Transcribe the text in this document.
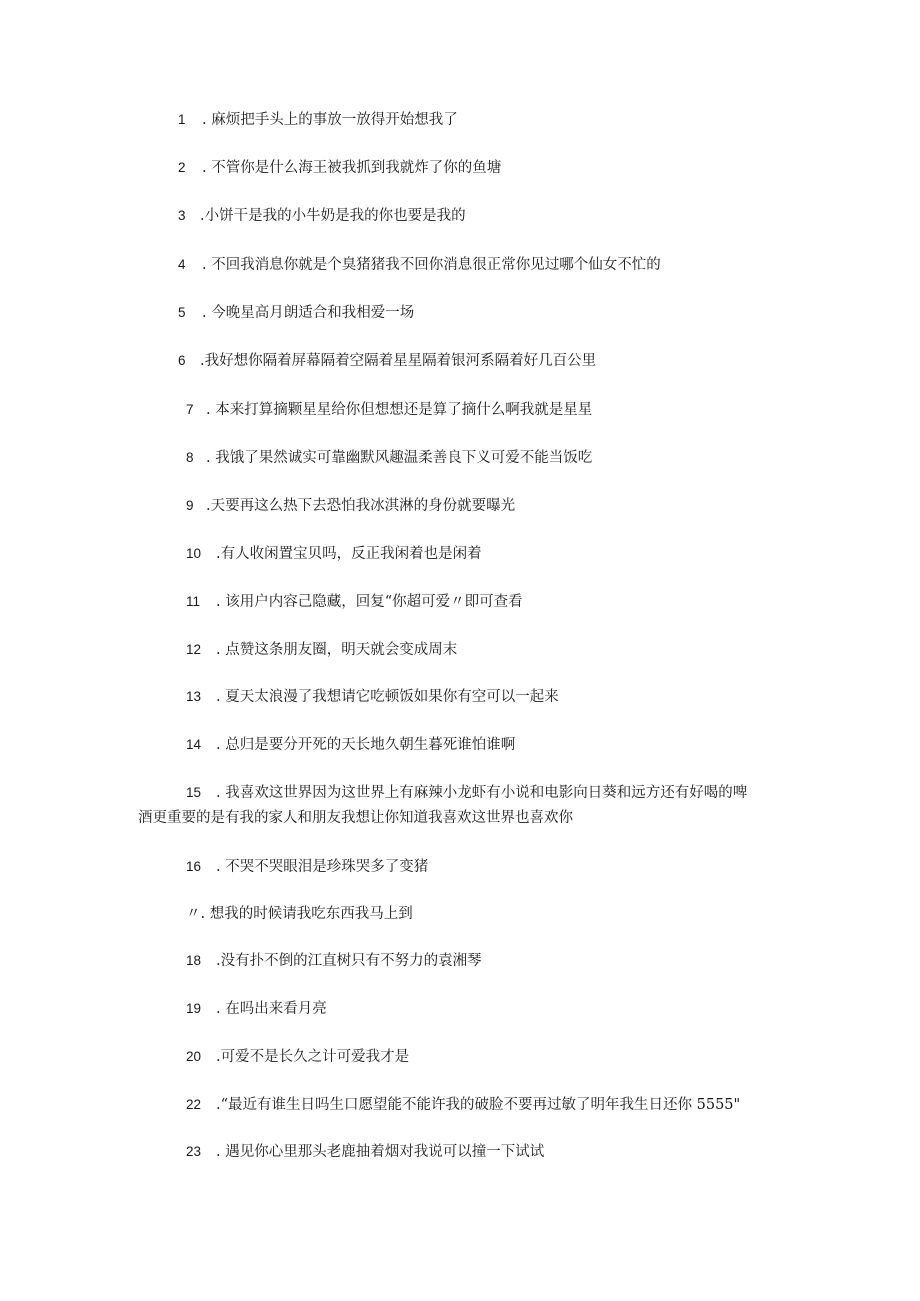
1 . 麻烦把手头上的事放一放得开始想我了
2 . 不管你是什么海王被我抓到我就炸了你的鱼塘
3 .小饼干是我的小牛奶是我的你也要是我的
4 . 不回我消息你就是个臭猪猪我不回你消息很正常你见过哪个仙女不忙的
5 . 今晚星高月朗适合和我相爱一场
6 .我好想你隔着屏幕隔着空隔着星星隔着银河系隔着好几百公里
7 . 本来打算摘颗星星给你但想想还是算了摘什么啊我就是星星
8 . 我饿了果然诚实可靠幽默风趣温柔善良下义可爱不能当饭吃
9 .天要再这么热下去恐怕我冰淇淋的身份就要曝光
10 .有人收闲置宝贝吗，反正我闲着也是闲着
11 . 该用户内容己隐藏，回复“你超可爱〃即可查看
12 . 点赞这条朋友圈，明天就会变成周末
13 . 夏天太浪漫了我想请它吃顿饭如果你有空可以一起来
14 . 总归是要分开死的天长地久朝生暮死谁怕谁啊
15 . 我喜欢这世界因为这世界上有麻辣小龙虾有小说和电影向日葵和远方还有好喝的啤
酒更重要的是有我的家人和朋友我想让你知道我喜欢这世界也喜欢你
16 . 不哭不哭眼泪是珍珠哭多了变猪
〃. 想我的时候请我吃东西我马上到
18 .没有扑不倒的江直树只有不努力的袁湘琴
19 . 在吗出来看月亮
20 .可爱不是长久之计可爱我才是
22 .“最近有谁生日吗生口愿望能不能许我的破脸不要再过敏了明年我生日还你 5555"
23 . 遇见你心里那头老鹿抽着烟对我说可以撞一下试试
